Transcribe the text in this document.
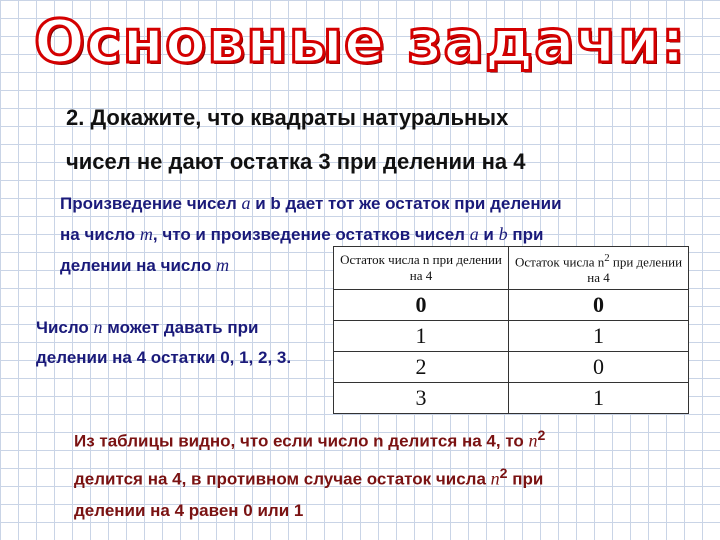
Основные задачи:
2. Докажите, что квадраты натуральных
чисел не дают остатка 3 при делении на 4
Произведение чисел a и b дает тот же остаток при делении
на число m, что и произведение остатков чисел a и b при
делении на число m
Число n может давать при
делении на 4 остатки 0, 1, 2, 3.
Остаток числа n при делении на 4	Остаток числа $n^2$ при делении на 4
0	0
1	1
2	0
3	1
Из таблицы видно, что если число n делится на 4, то $n^2$
делится на 4, в противном случае остаток числа $n^2$ при
делении на 4 равен 0 или 1
